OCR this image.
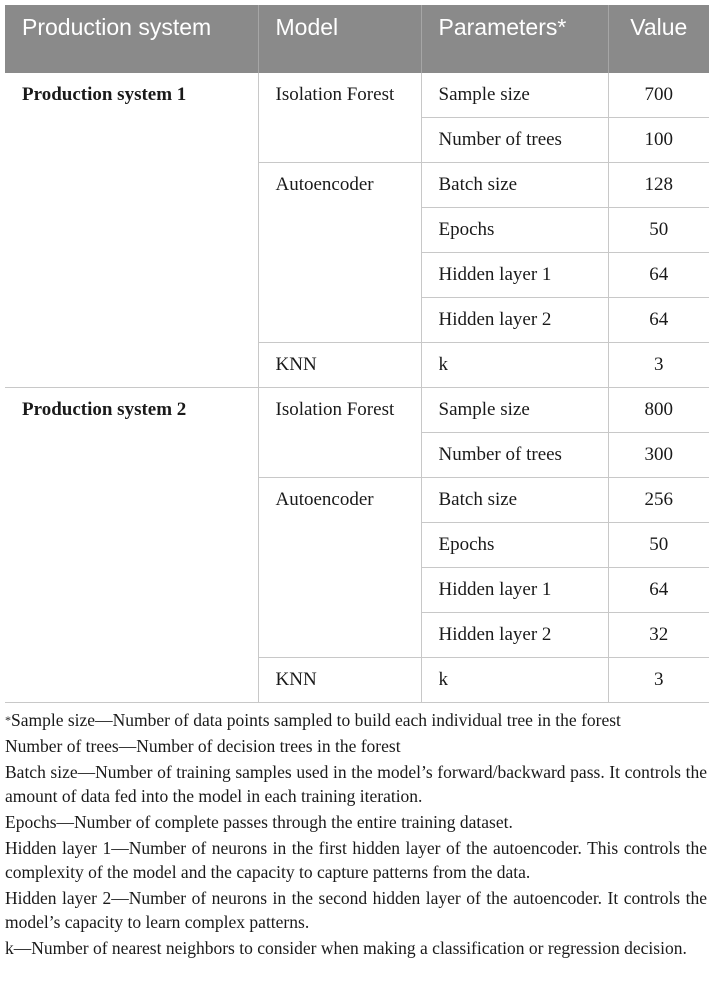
Production system	Model	Parameters*	Value
Production system 1	Isolation Forest	Sample size	700
		Number of trees	100
	Autoencoder	Batch size	128
		Epochs	50
		Hidden layer 1	64
		Hidden layer 2	64
	KNN	k	3
Production system 2	Isolation Forest	Sample size	800
		Number of trees	300
	Autoencoder	Batch size	256
		Epochs	50
		Hidden layer 1	64
		Hidden layer 2	32
	KNN	k	3

*Sample size—Number of data points sampled to build each individual tree in the forest

Number of trees—Number of decision trees in the forest

Batch size—Number of training samples used in the model’s forward/backward pass. It controls the amount of data fed into the model in each training iteration.

Epochs—Number of complete passes through the entire training dataset.

Hidden layer 1—Number of neurons in the first hidden layer of the autoencoder. This controls the complexity of the model and the capacity to capture patterns from the data.

Hidden layer 2—Number of neurons in the second hidden layer of the autoencoder. It controls the model’s capacity to learn complex patterns.

k—Number of nearest neighbors to consider when making a classification or regression decision.
